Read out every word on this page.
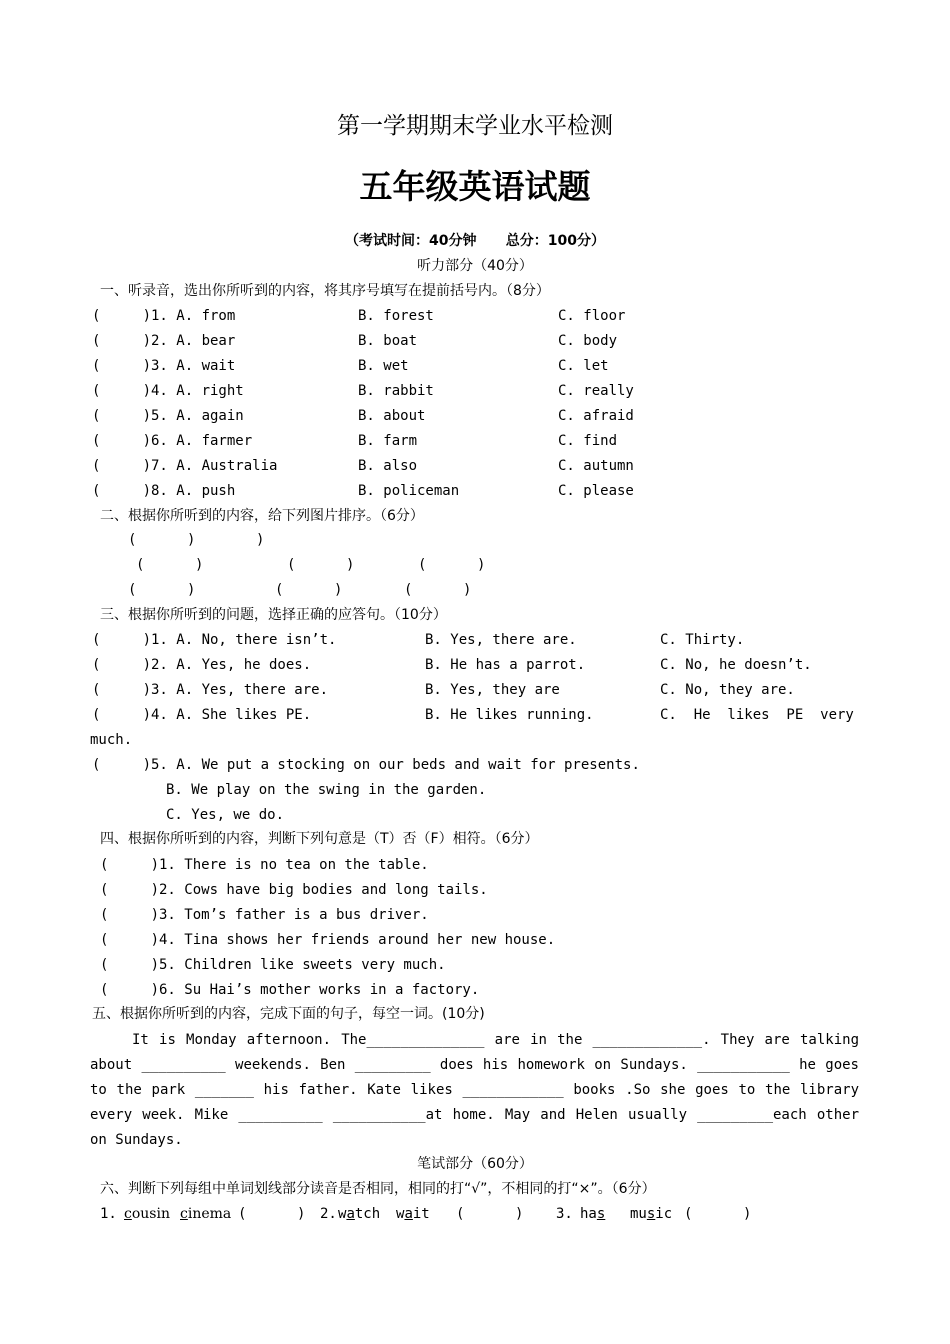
第一学期期末学业水平检测
五年级英语试题
（考试时间：40分钟      总分：100分）
听力部分（40分）
一、听录音，选出你所听到的内容，将其序号填写在提前括号内。（8分）
(     )1. A. from	B. forest	C. floor
(     )2. A. bear	B. boat	C. body
(     )3. A. wait	B. wet	C. let
(     )4. A. right	B. rabbit	C. really
(     )5. A. again	B. about	C. afraid
(     )6. A. farmer	B. farm	C. find
(     )7. A. Australia	B. also	C. autumn
(     )8. A. push	B. policeman	C. please
二、根据你所听到的内容，给下列图片排序。（6分）
(      )	)
(      )	(      )	(      )
(      )	(      )	(      )
三、根据你所听到的问题，选择正确的应答句。（10分）
(     )1. A. No, there isn’t.	B. Yes, there are.	C. Thirty.
(     )2. A. Yes, he does.	B. He has a parrot.	C. No, he doesn’t.
(     )3. A. Yes, there are.	B. Yes, they are	C. No, they are.
(     )4. A. She likes PE.	B. He likes running.	C.  He  likes  PE  very
much.
(     )5. A. We put a stocking on our beds and wait for presents.
B. We play on the swing in the garden.
C. Yes, we do.
四、根据你所听到的内容，判断下列句意是（T）否（F）相符。（6分）
(     )1. There is no tea on the table.
(     )2. Cows have big bodies and long tails.
(     )3. Tom’s father is a bus driver.
(     )4. Tina shows her friends around her new house.
(     )5. Children like sweets very much.
(     )6. Su Hai’s mother works in a factory.
五、根据你所听到的内容，完成下面的句子，每空一词。(10分)
It is Monday afternoon. The______________ are in the _____________. They are talking
about __________ weekends. Ben _________ does his homework on Sundays. ___________ he goes
to the park _______ his father. Kate likes ____________ books .So she goes to the library
every week. Mike __________ ___________at home. May and Helen usually _________each other
on Sundays.
笔试部分（60分）
六、判断下列每组中单词划线部分读音是否相同，相同的打“√”，不相同的打“×”。（6分）
1. cousin cinema (      ) 2. watch wait (      ) 3. has music (      )
